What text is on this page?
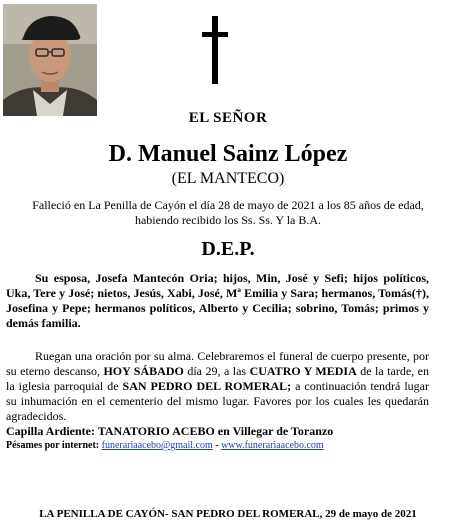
EL SEÑOR
D. Manuel Sainz López
(EL MANTECO)
Falleció en La Penilla de Cayón el día 28 de mayo de 2021 a los 85 años de edad, habiendo recibido los Ss. Ss. Y la B.A.
D.E.P.
Su esposa, Josefa Mantecón Oria; hijos, Min, José y Sefi; hijos políticos, Uka, Tere y José; nietos, Jesús, Xabi, José, Mª Emilia y Sara; hermanos, Tomás(†), Josefina y Pepe; hermanos políticos, Alberto y Cecilia; sobrino, Tomás; primos y demás familia.
Ruegan una oración por su alma. Celebraremos el funeral de cuerpo presente, por su eterno descanso, HOY SÁBADO día 29, a las CUATRO Y MEDIA de la tarde, en la iglesia parroquial de SAN PEDRO DEL ROMERAL; a continuación tendrá lugar su inhumación en el cementerio del mismo lugar. Favores por los cuales les quedarán agradecidos.
Capilla Ardiente: TANATORIO ACEBO en Villegar de Toranzo
Pésames por internet: funerariaacebo@gmail.com - www.funerariaacebo.com
LA PENILLA DE CAYÓN- SAN PEDRO DEL ROMERAL, 29 de mayo de 2021
